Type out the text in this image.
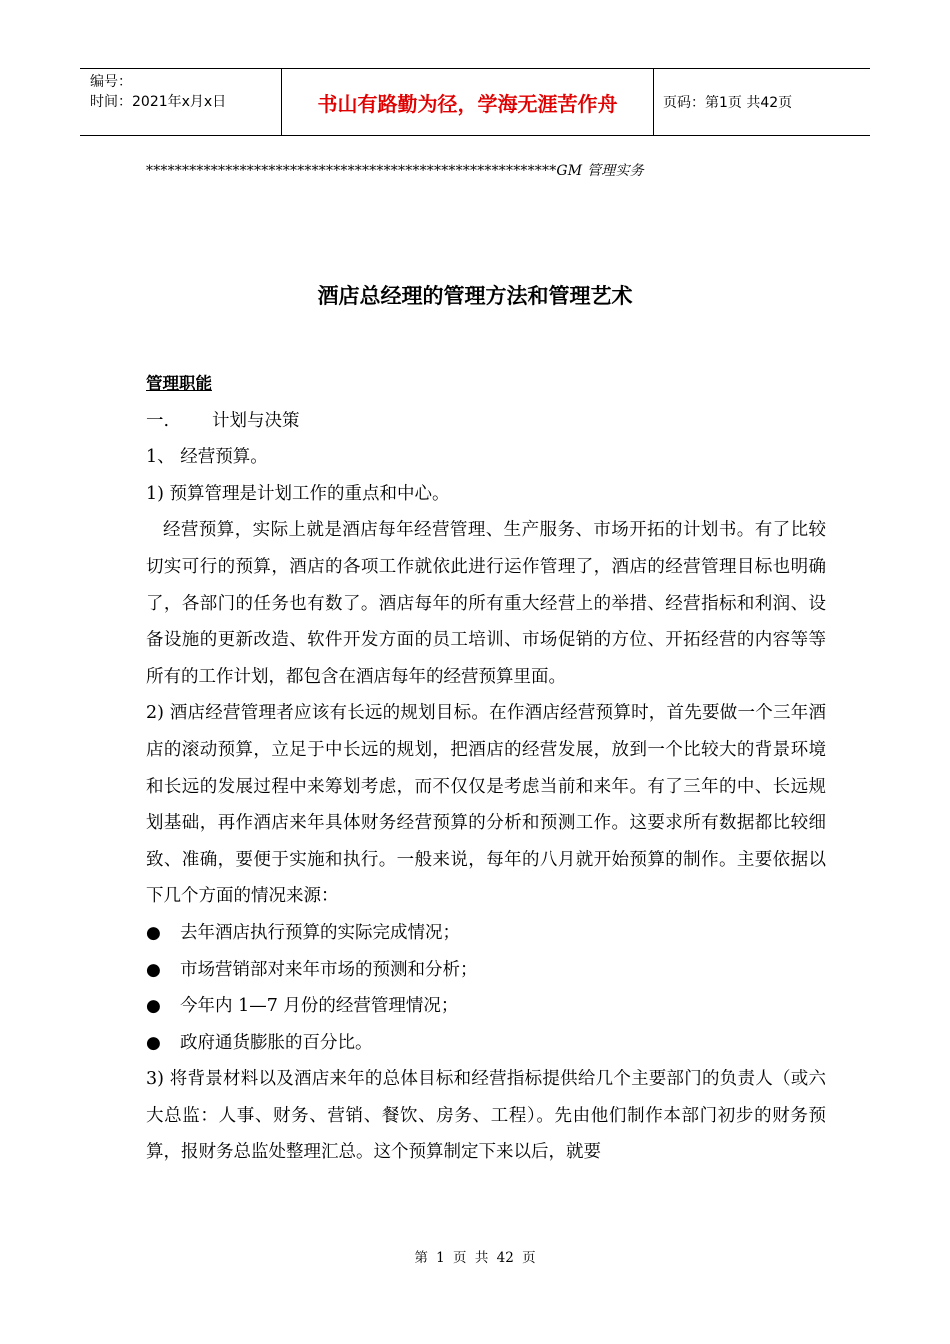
编号：
时间：2021年x月x日	书山有路勤为径，学海无涯苦作舟	页码：第1页 共42页
*********************************************************GM 管理实务
酒店总经理的管理方法和管理艺术

管理职能

一. 计划与决策

1、 经营预算。

1) 预算管理是计划工作的重点和中心。

经营预算，实际上就是酒店每年经营管理、生产服务、市场开拓的计划书。有了比较切实可行的预算，酒店的各项工作就依此进行运作管理了，酒店的经营管理目标也明确了，各部门的任务也有数了。酒店每年的所有重大经营上的举措、经营指标和利润、设备设施的更新改造、软件开发方面的员工培训、市场促销的方位、开拓经营的内容等等所有的工作计划，都包含在酒店每年的经营预算里面。

2) 酒店经营管理者应该有长远的规划目标。在作酒店经营预算时，首先要做一个三年酒店的滚动预算，立足于中长远的规划，把酒店的经营发展，放到一个比较大的背景环境和长远的发展过程中来筹划考虑，而不仅仅是考虑当前和来年。有了三年的中、长远规划基础，再作酒店来年具体财务经营预算的分析和预测工作。这要求所有数据都比较细致、准确，要便于实施和执行。一般来说，每年的八月就开始预算的制作。主要依据以下几个方面的情况来源：

●	去年酒店执行预算的实际完成情况；
●	市场营销部对来年市场的预测和分析；
●	今年内 1—7 月份的经营管理情况；
●	政府通货膨胀的百分比。

3) 将背景材料以及酒店来年的总体目标和经营指标提供给几个主要部门的负责人（或六大总监：人事、财务、营销、餐饮、房务、工程）。先由他们制作本部门初步的财务预算，报财务总监处整理汇总。这个预算制定下来以后，就要

第 1 页 共 42 页
